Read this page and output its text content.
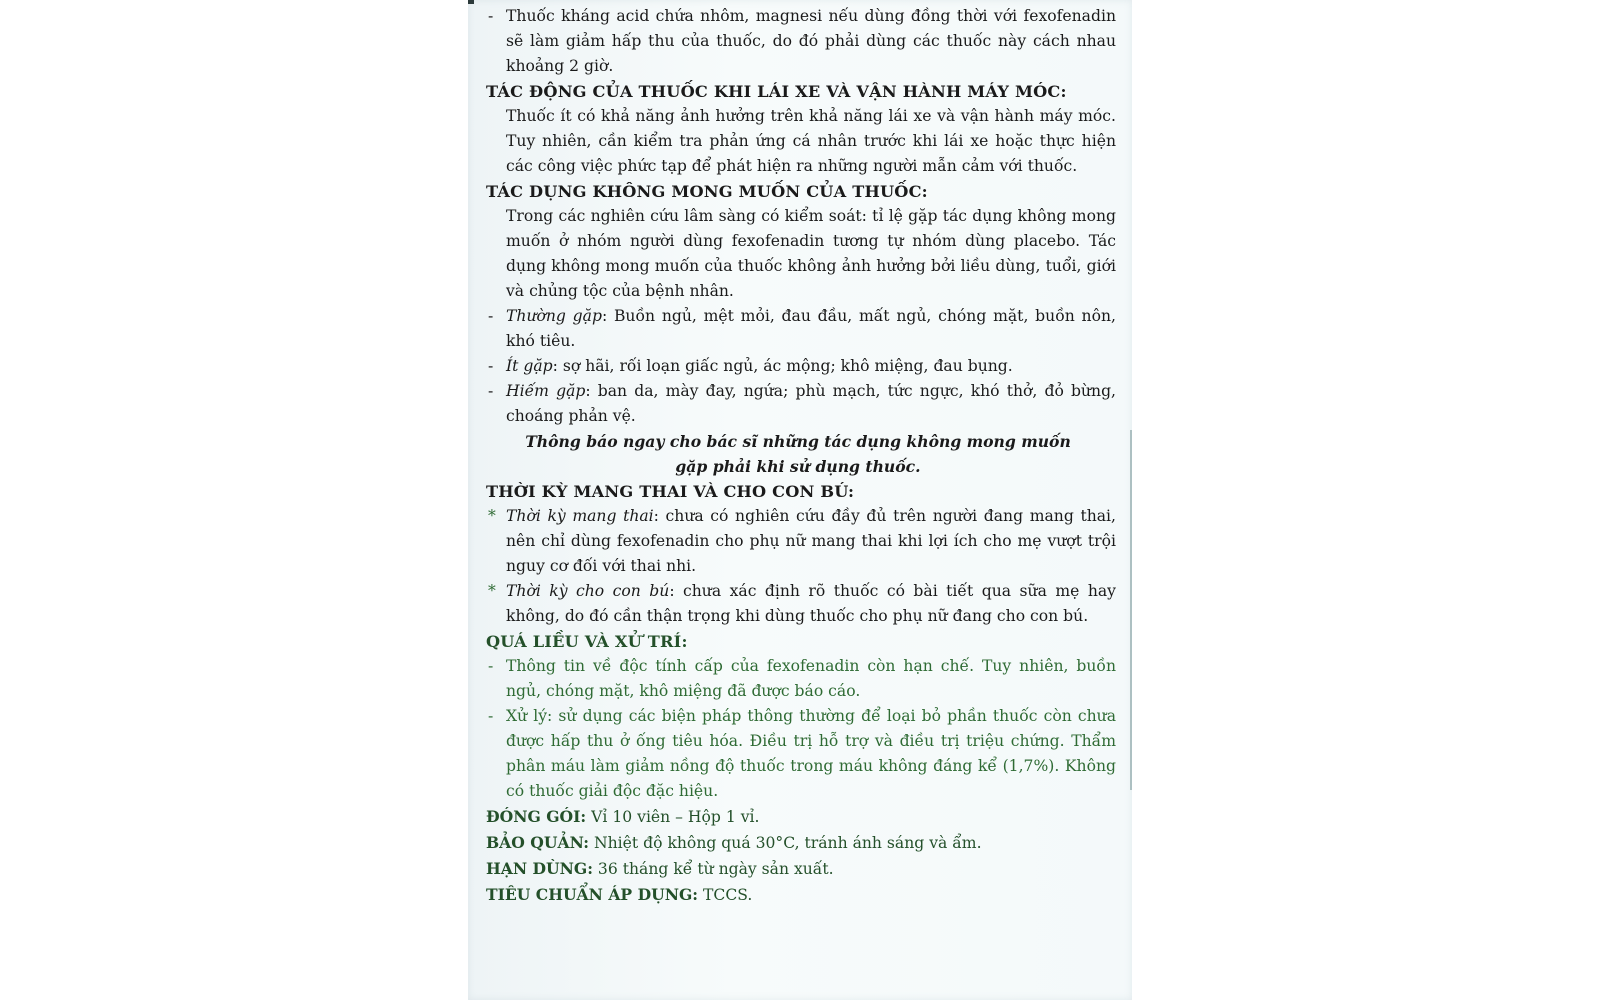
- Thuốc kháng acid chứa nhôm, magnesi nếu dùng đồng thời với fexofenadin sẽ làm giảm hấp thu của thuốc, do đó phải dùng các thuốc này cách nhau khoảng 2 giờ.

TÁC ĐỘNG CỦA THUỐC KHI LÁI XE VÀ VẬN HÀNH MÁY MÓC:

Thuốc ít có khả năng ảnh hưởng trên khả năng lái xe và vận hành máy móc. Tuy nhiên, cần kiểm tra phản ứng cá nhân trước khi lái xe hoặc thực hiện các công việc phức tạp để phát hiện ra những người mẫn cảm với thuốc.

TÁC DỤNG KHÔNG MONG MUỐN CỦA THUỐC:

Trong các nghiên cứu lâm sàng có kiểm soát: tỉ lệ gặp tác dụng không mong muốn ở nhóm người dùng fexofenadin tương tự nhóm dùng placebo. Tác dụng không mong muốn của thuốc không ảnh hưởng bởi liều dùng, tuổi, giới và chủng tộc của bệnh nhân.

- Thường gặp: Buồn ngủ, mệt mỏi, đau đầu, mất ngủ, chóng mặt, buồn nôn, khó tiêu.

- Ít gặp: sợ hãi, rối loạn giấc ngủ, ác mộng; khô miệng, đau bụng.

- Hiếm gặp: ban da, mày đay, ngứa; phù mạch, tức ngực, khó thở, đỏ bừng, choáng phản vệ.

Thông báo ngay cho bác sĩ những tác dụng không mong muốn gặp phải khi sử dụng thuốc.

THỜI KỲ MANG THAI VÀ CHO CON BÚ:

* Thời kỳ mang thai: chưa có nghiên cứu đầy đủ trên người đang mang thai, nên chỉ dùng fexofenadin cho phụ nữ mang thai khi lợi ích cho mẹ vượt trội nguy cơ đối với thai nhi.

* Thời kỳ cho con bú: chưa xác định rõ thuốc có bài tiết qua sữa mẹ hay không, do đó cần thận trọng khi dùng thuốc cho phụ nữ đang cho con bú.

QUÁ LIỀU VÀ XỬ TRÍ:

- Thông tin về độc tính cấp của fexofenadin còn hạn chế. Tuy nhiên, buồn ngủ, chóng mặt, khô miệng đã được báo cáo.

- Xử lý: sử dụng các biện pháp thông thường để loại bỏ phần thuốc còn chưa được hấp thu ở ống tiêu hóa. Điều trị hỗ trợ và điều trị triệu chứng. Thẩm phân máu làm giảm nồng độ thuốc trong máu không đáng kể (1,7%). Không có thuốc giải độc đặc hiệu.

ĐÓNG GÓI: Vỉ 10 viên – Hộp 1 vỉ.

BẢO QUẢN: Nhiệt độ không quá 30°C, tránh ánh sáng và ẩm.

HẠN DÙNG: 36 tháng kể từ ngày sản xuất.

TIÊU CHUẨN ÁP DỤNG: TCCS.
